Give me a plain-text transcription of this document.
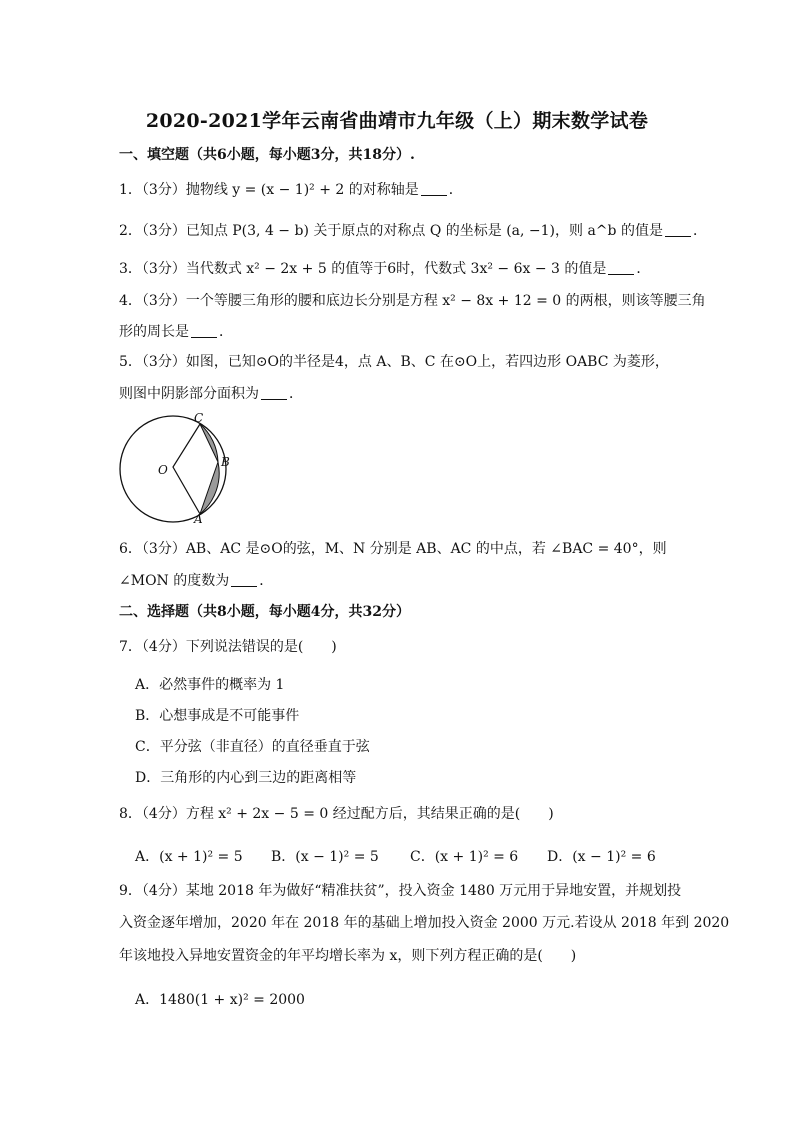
2020-2021学年云南省曲靖市九年级（上）期末数学试卷
一、填空题（共6小题，每小题3分，共18分）.
1．（3分）抛物线 y = (x − 1)² + 2 的对称轴是 ．
2．（3分）已知点 P(3, 4 − b) 关于原点的对称点 Q 的坐标是 (a, −1)，则 a^b 的值是 ．
3．（3分）当代数式 x² − 2x + 5 的值等于6时，代数式 3x² − 6x − 3 的值是 ．
4．（3分）一个等腰三角形的腰和底边长分别是方程 x² − 8x + 12 = 0 的两根，则该等腰三角
形的周长是 ．
5．（3分）如图，已知⊙O的半径是4，点 A、B、C 在⊙O上，若四边形 OABC 为菱形，
则图中阴影部分面积为 ．
C
B
O
A
6．（3分）AB、AC 是⊙O的弦，M、N 分别是 AB、AC 的中点，若 ∠BAC = 40°，则
∠MON 的度数为 ．
二、选择题（共8小题，每小题4分，共32分）
7．（4分）下列说法错误的是(　　)
A．必然事件的概率为 1
B．心想事成是不可能事件
C．平分弦（非直径）的直径垂直于弦
D．三角形的内心到三边的距离相等
8．（4分）方程 x² + 2x − 5 = 0 经过配方后，其结果正确的是(　　)
A．(x + 1)² = 5 B．(x − 1)² = 5 C．(x + 1)² = 6 D．(x − 1)² = 6
9．（4分）某地 2018 年为做好“精准扶贫”，投入资金 1480 万元用于异地安置，并规划投
入资金逐年增加，2020 年在 2018 年的基础上增加投入资金 2000 万元.若设从 2018 年到 2020
年该地投入异地安置资金的年平均增长率为 x，则下列方程正确的是(　　)
A．1480(1 + x)² = 2000
